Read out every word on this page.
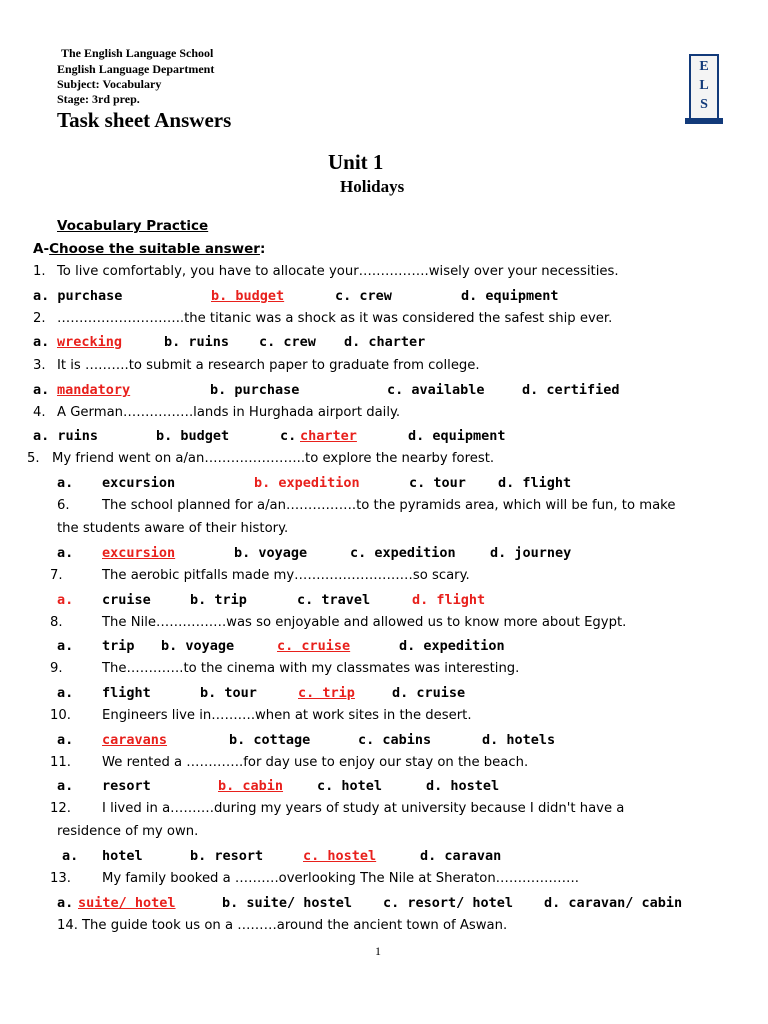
The English Language School
English Language Department
Subject: Vocabulary
Stage: 3rd prep.
Task sheet Answers
E
L
S
Unit 1
Holidays
Vocabulary Practice
A-Choose the suitable answer:
1. To live comfortably, you have to allocate your…………….wisely over your necessities.
a. purchase	b. budget	c. crew	d. equipment
2. ………………………..the titanic was a shock as it was considered the safest ship ever.
a. wrecking	b. ruins c. crew d. charter
3. It is ……….to submit a research paper to graduate from college.
a. mandatory	b. purchase	c. available	d. certified
4. A German…………….lands in Hurghada airport daily.
a. ruins	b. budget	c. charter	d. equipment
5. My friend went on a/an…………………..to explore the nearby forest.
a. excursion	b. expedition	c. tour d. flight
6. The school planned for a/an…………….to the pyramids area, which will be fun, to make
the students aware of their history.
a. excursion	b. voyage	c. expedition	d. journey
7.	The aerobic pitfalls made my………………………so scary.
a. cruise	b. trip	c. travel	d. flight
8.	The Nile…………….was so enjoyable and allowed us to know more about Egypt.
a. trip b. voyage	c. cruise	d. expedition
9.	The………….to the cinema with my classmates was interesting.
a. flight	b. tour	c. trip	d. cruise
10. Engineers live in……….when at work sites in the desert.
a. caravans	b. cottage	c. cabins	d. hotels
11. We rented a ………….for day use to enjoy our stay on the beach.
a. resort	b. cabin	c. hotel	d. hostel
12. I lived in a……….during my years of study at university because I didn't have a
residence of my own.
a. hotel	b. resort	c. hostel	d. caravan
13. My family booked a ……….overlooking The Nile at Sheraton……………….
a. suite/ hotel	b. suite/ hostel c. resort/ hotel d. caravan/ cabin
14. The guide took us on a ………around the ancient town of Aswan.
1
